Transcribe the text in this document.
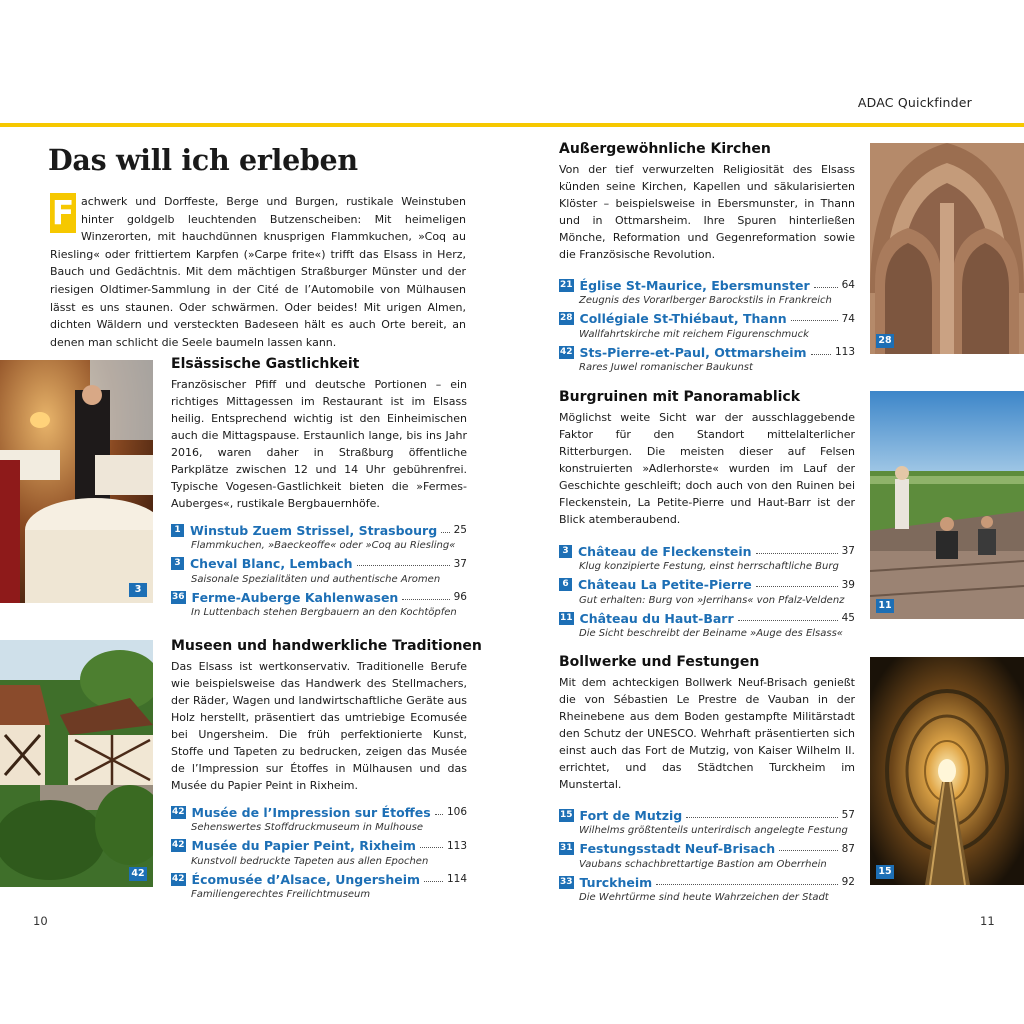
ADAC Quickfinder
Das will ich erleben
F achwerk und Dorffeste, Berge und Burgen, rustikale Weinstuben hinter goldgelb leuchtenden Butzenscheiben: Mit heimeligen Winzerorten, mit hauchdünnen knusprigen Flammkuchen, »Coq au Riesling« oder frittiertem Karpfen (»Carpe frite«) trifft das Elsass in Herz, Bauch und Gedächtnis. Mit dem mächtigen Straßburger Münster und der riesigen Oldtimer-Sammlung in der Cité de l’Automobile von Mülhausen lässt es uns staunen. Oder schwärmen. Oder beides! Mit urigen Almen, dichten Wäldern und versteckten Badeseen hält es auch Orte bereit, an denen man schlicht die Seele baumeln lassen kann.
3
Elsässische Gastlichkeit

Französischer Pfiff und deutsche Portionen – ein richtiges Mittagessen im Restaurant ist im Elsass heilig. Entsprechend wichtig ist den Einheimischen auch die Mittagspause. Erstaunlich lange, bis ins Jahr 2016, waren daher in Straßburg öffentliche Parkplätze zwischen 12 und 14 Uhr gebührenfrei. Typische Vogesen-Gastlichkeit bieten die »Fermes-Auberges«, rustikale Bergbauernhöfe.

1 Winstub Zuem Strissel, Strasbourg 25
Flammkuchen, »Baeckeoffe« oder »Coq au Riesling«
3 Cheval Blanc, Lembach	37
Saisonale Spezialitäten und authentische Aromen
36 Ferme-Auberge Kahlenwasen	96
In Luttenbach stehen Bergbauern an den Kochtöpfen
42
Museen und handwerkliche Traditionen

Das Elsass ist wertkonservativ. Traditionelle Berufe wie beispielsweise das Handwerk des Stellmachers, der Räder, Wagen und landwirtschaftliche Geräte aus Holz herstellt, präsentiert das umtriebige Ecomusée bei Ungersheim. Die früh perfektionierte Kunst, Stoffe und Tapeten zu bedrucken, zeigen das Musée de l’Impression sur Étoffes in Mülhausen und das Musée du Papier Peint in Rixheim.

42 Musée de l’Impression sur Étoffes 106
Sehenswertes Stoffdruckmuseum in Mulhouse
42 Musée du Papier Peint, Rixheim	113
Kunstvoll bedruckte Tapeten aus allen Epochen
42 Écomusée d’Alsace, Ungersheim	114
Familiengerechtes Freilichtmuseum
10
Außergewöhnliche Kirchen

Von der tief verwurzelten Religiosität des Elsass künden seine Kirchen, Kapellen und säkularisierten Klöster – beispielsweise in Ebersmunster, in Thann und in Ottmarsheim. Ihre Spuren hinterließen Mönche, Reformation und Gegenreformation sowie die Französische Revolution.

21 Église St-Maurice, Ebersmunster	64
Zeugnis des Vorarlberger Barockstils in Frankreich
28 Collégiale St-Thiébaut, Thann	74
Wallfahrtskirche mit reichem Figurenschmuck
42 Sts-Pierre-et-Paul, Ottmarsheim	113
Rares Juwel romanischer Baukunst
28
Burgruinen mit Panoramablick

Möglichst weite Sicht war der ausschlaggebende Faktor für den Standort mittelalterlicher Ritterburgen. Die meisten dieser auf Felsen konstruierten »Adlerhorste« wurden im Lauf der Geschichte geschleift; doch auch von den Ruinen bei Fleckenstein, La Petite-Pierre und Haut-Barr ist der Blick atemberaubend.

3 Château de Fleckenstein	37
Klug konzipierte Festung, einst herrschaftliche Burg
6 Château La Petite-Pierre	39
Gut erhalten: Burg von »Jerrihans« von Pfalz-Veldenz
11 Château du Haut-Barr	45
Die Sicht beschreibt der Beiname »Auge des Elsass«
11
Bollwerke und Festungen

Mit dem achteckigen Bollwerk Neuf-Brisach genießt die von Sébastien Le Prestre de Vauban in der Rheinebene aus dem Boden gestampfte Militärstadt den Schutz der UNESCO. Wehrhaft präsentierten sich einst auch das Fort de Mutzig, von Kaiser Wilhelm II. errichtet, und das Städtchen Turckheim im Munstertal.

15 Fort de Mutzig	57
Wilhelms größtenteils unterirdisch angelegte Festung
31 Festungsstadt Neuf-Brisach	87
Vaubans schachbrettartige Bastion am Oberrhein
33 Turckheim	92
Die Wehrtürme sind heute Wahrzeichen der Stadt
15
11
